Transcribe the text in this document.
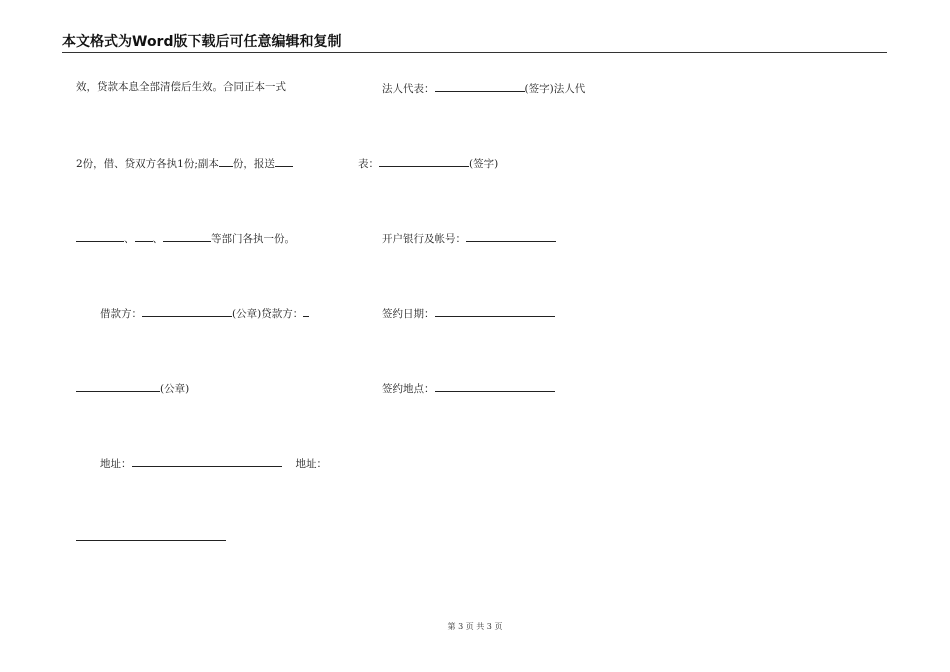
本文格式为Word版下载后可任意编辑和复制
效，贷款本息全部清偿后生效。合同正本一式
2份，借、贷双方各执1份;副本 份，报送
、 、	等部门各执一份。
借款方：	(公章)贷款方：
(公章)
地址：	地址：
法人代表：	(签字)法人代
表：	(签字)
开户银行及帐号：
签约日期：
签约地点：
第 3 页 共 3 页
